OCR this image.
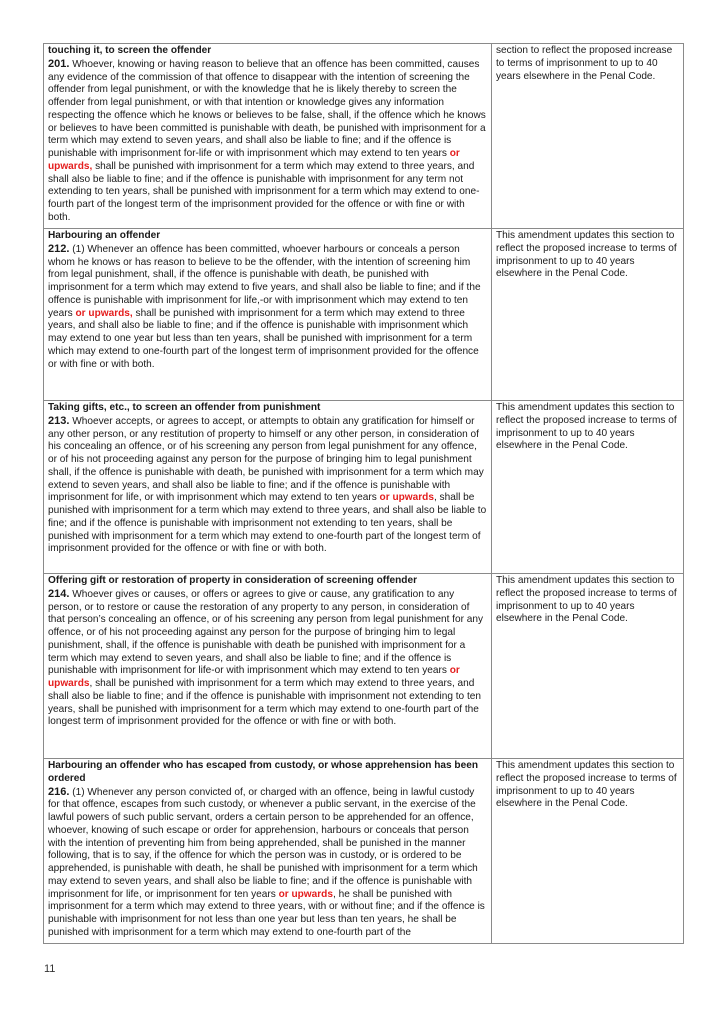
touching it, to screen the offender
201. Whoever, knowing or having reason to believe that an offence has been committed, causes any evidence of the commission of that offence to disappear with the intention of screening the offender from legal punishment, or with the knowledge that he is likely thereby to screen the offender from legal punishment, or with that intention or knowledge gives any information respecting the offence which he knows or believes to be false, shall, if the offence which he knows or believes to have been committed is punishable with death, be punished with imprisonment for a term which may extend to seven years, and shall also be liable to fine; and if the offence is punishable with imprisonment for-life or with imprisonment which may extend to ten years or upwards, shall be punished with imprisonment for a term which may extend to three years, and shall also be liable to fine; and if the offence is punishable with imprisonment for any term not extending to ten years, shall be punished with imprisonment for a term which may extend to one-fourth part of the longest term of the imprisonment provided for the offence or with fine or with both.	section to reflect the proposed increase to terms of imprisonment to up to 40 years elsewhere in the Penal Code.

Harbouring an offender
212. (1) Whenever an offence has been committed, whoever harbours or conceals a person whom he knows or has reason to believe to be the offender, with the intention of screening him from legal punishment, shall, if the offence is punishable with death, be punished with imprisonment for a term which may extend to five years, and shall also be liable to fine; and if the offence is punishable with imprisonment for life,-or with imprisonment which may extend to ten years or upwards, shall be punished with imprisonment for a term which may extend to three years, and shall also be liable to fine; and if the offence is punishable with imprisonment which may extend to one year but less than ten years, shall be punished with imprisonment for a term which may extend to one-fourth part of the longest term of imprisonment provided for the offence or with fine or with both.	This amendment updates this section to reflect the proposed increase to terms of imprisonment to up to 40 years elsewhere in the Penal Code.

Taking gifts, etc., to screen an offender from punishment
213. Whoever accepts, or agrees to accept, or attempts to obtain any gratification for himself or any other person, or any restitution of property to himself or any other person, in consideration of his concealing an offence, or of his screening any person from legal punishment for any offence, or of his not proceeding against any person for the purpose of bringing him to legal punishment shall, if the offence is punishable with death, be punished with imprisonment for a term which may extend to seven years, and shall also be liable to fine; and if the offence is punishable with imprisonment for life, or with imprisonment which may extend to ten years or upwards, shall be punished with imprisonment for a term which may extend to three years, and shall also be liable to fine; and if the offence is punishable with imprisonment not extending to ten years, shall be punished with imprisonment for a term which may extend to one-fourth part of the longest term of imprisonment provided for the offence or with fine or with both.	This amendment updates this section to reflect the proposed increase to terms of imprisonment to up to 40 years elsewhere in the Penal Code.

Offering gift or restoration of property in consideration of screening offender
214. Whoever gives or causes, or offers or agrees to give or cause, any gratification to any person, or to restore or cause the restoration of any property to any person, in consideration of that person’s concealing an offence, or of his screening any person from legal punishment for any offence, or of his not proceeding against any person for the purpose of bringing him to legal punishment, shall, if the offence is punishable with death be punished with imprisonment for a term which may extend to seven years, and shall also be liable to fine; and if the offence is punishable with imprisonment for life-or with imprisonment which may extend to ten years or upwards, shall be punished with imprisonment for a term which may extend to three years, and shall also be liable to fine; and if the offence is punishable with imprisonment not extending to ten years, shall be punished with imprisonment for a term which may extend to one-fourth part of the longest term of imprisonment provided for the offence or with fine or with both.	This amendment updates this section to reflect the proposed increase to terms of imprisonment to up to 40 years elsewhere in the Penal Code.

Harbouring an offender who has escaped from custody, or whose apprehension has been ordered
216. (1) Whenever any person convicted of, or charged with an offence, being in lawful custody for that offence, escapes from such custody, or whenever a public servant, in the exercise of the lawful powers of such public servant, orders a certain person to be apprehended for an offence, whoever, knowing of such escape or order for apprehension, harbours or conceals that person with the intention of preventing him from being apprehended, shall be punished in the manner following, that is to say, if the offence for which the person was in custody, or is ordered to be apprehended, is punishable with death, he shall be punished with imprisonment for a term which may extend to seven years, and shall also be liable to fine; and if the offence is punishable with imprisonment for life, or imprisonment for ten years or upwards, he shall be punished with imprisonment for a term which may extend to three years, with or without fine; and if the offence is punishable with imprisonment for not less than one year but less than ten years, he shall be punished with imprisonment for a term which may extend to one-fourth part of the	This amendment updates this section to reflect the proposed increase to terms of imprisonment to up to 40 years elsewhere in the Penal Code.
11
